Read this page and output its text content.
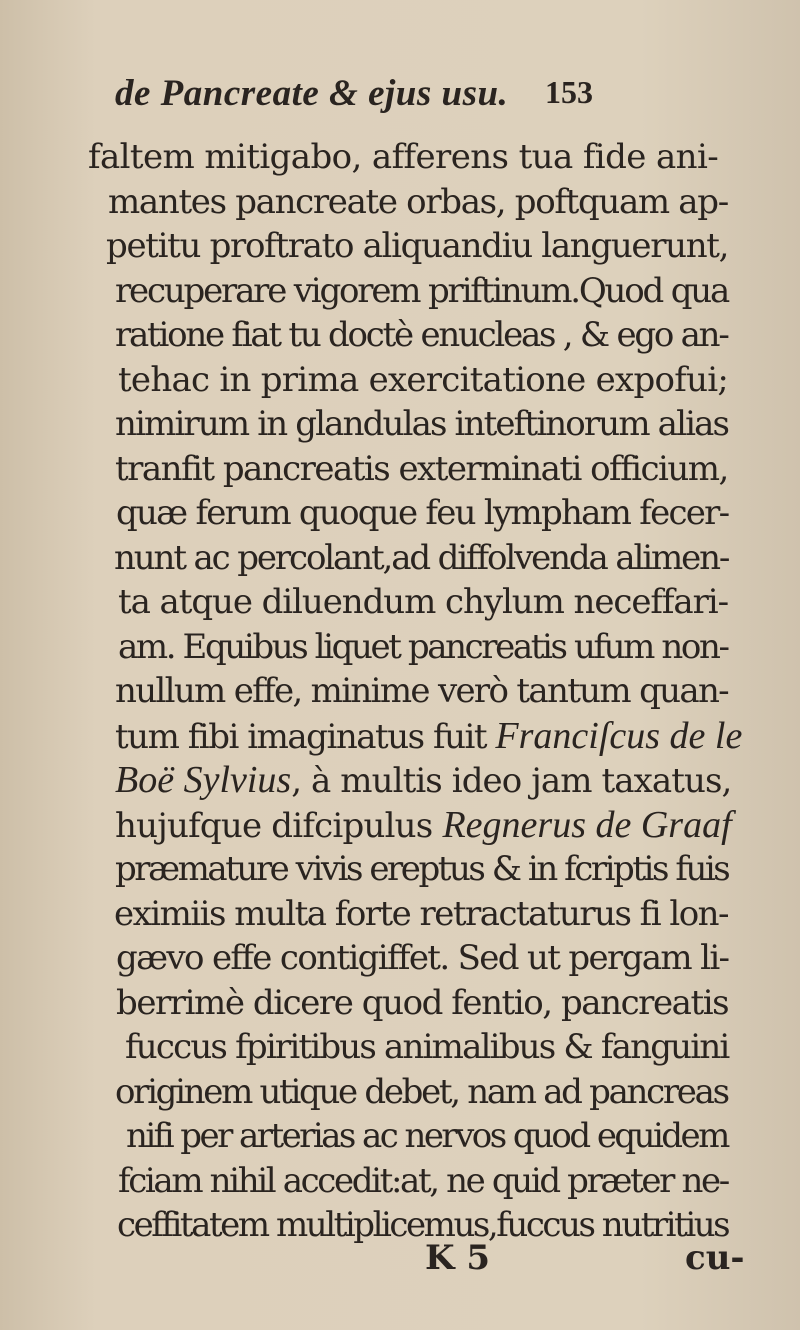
de Pancreate & ejus usu. 153
faltem mitigabo, afferens tua fide ani-
mantes pancreate orbas, poftquam ap-
petitu proftrato aliquandiu languerunt,
recuperare vigorem priftinum.Quod qua
ratione fiat tu doctè enucleas , & ego an-
tehac in prima exercitatione expofui;
nimirum in glandulas inteftinorum alias
tranfit pancreatis exterminati officium,
quæ ferum quoque feu lympham fecer-
nunt ac percolant,ad diffolvenda alimen-
ta atque diluendum chylum neceffari-
am. Equibus liquet pancreatis ufum non-
nullum effe, minime verò tantum quan-
tum fibi imaginatus fuit Franciſcus de le
Boë Sylvius, à multis ideo jam taxatus,
hujufque difcipulus Regnerus de Graaf
præmature vivis ereptus & in fcriptis fuis
eximiis multa forte retractaturus fi lon-
gævo effe contigiffet. Sed ut pergam li-
berrimè dicere quod fentio, pancreatis
fuccus fpiritibus animalibus & fanguini
originem utique debet, nam ad pancreas
nifi per arterias ac nervos quod equidem
fciam nihil accedit:at, ne quid præter ne-
ceffitatem multiplicemus,fuccus nutritius
K 5	cu-
